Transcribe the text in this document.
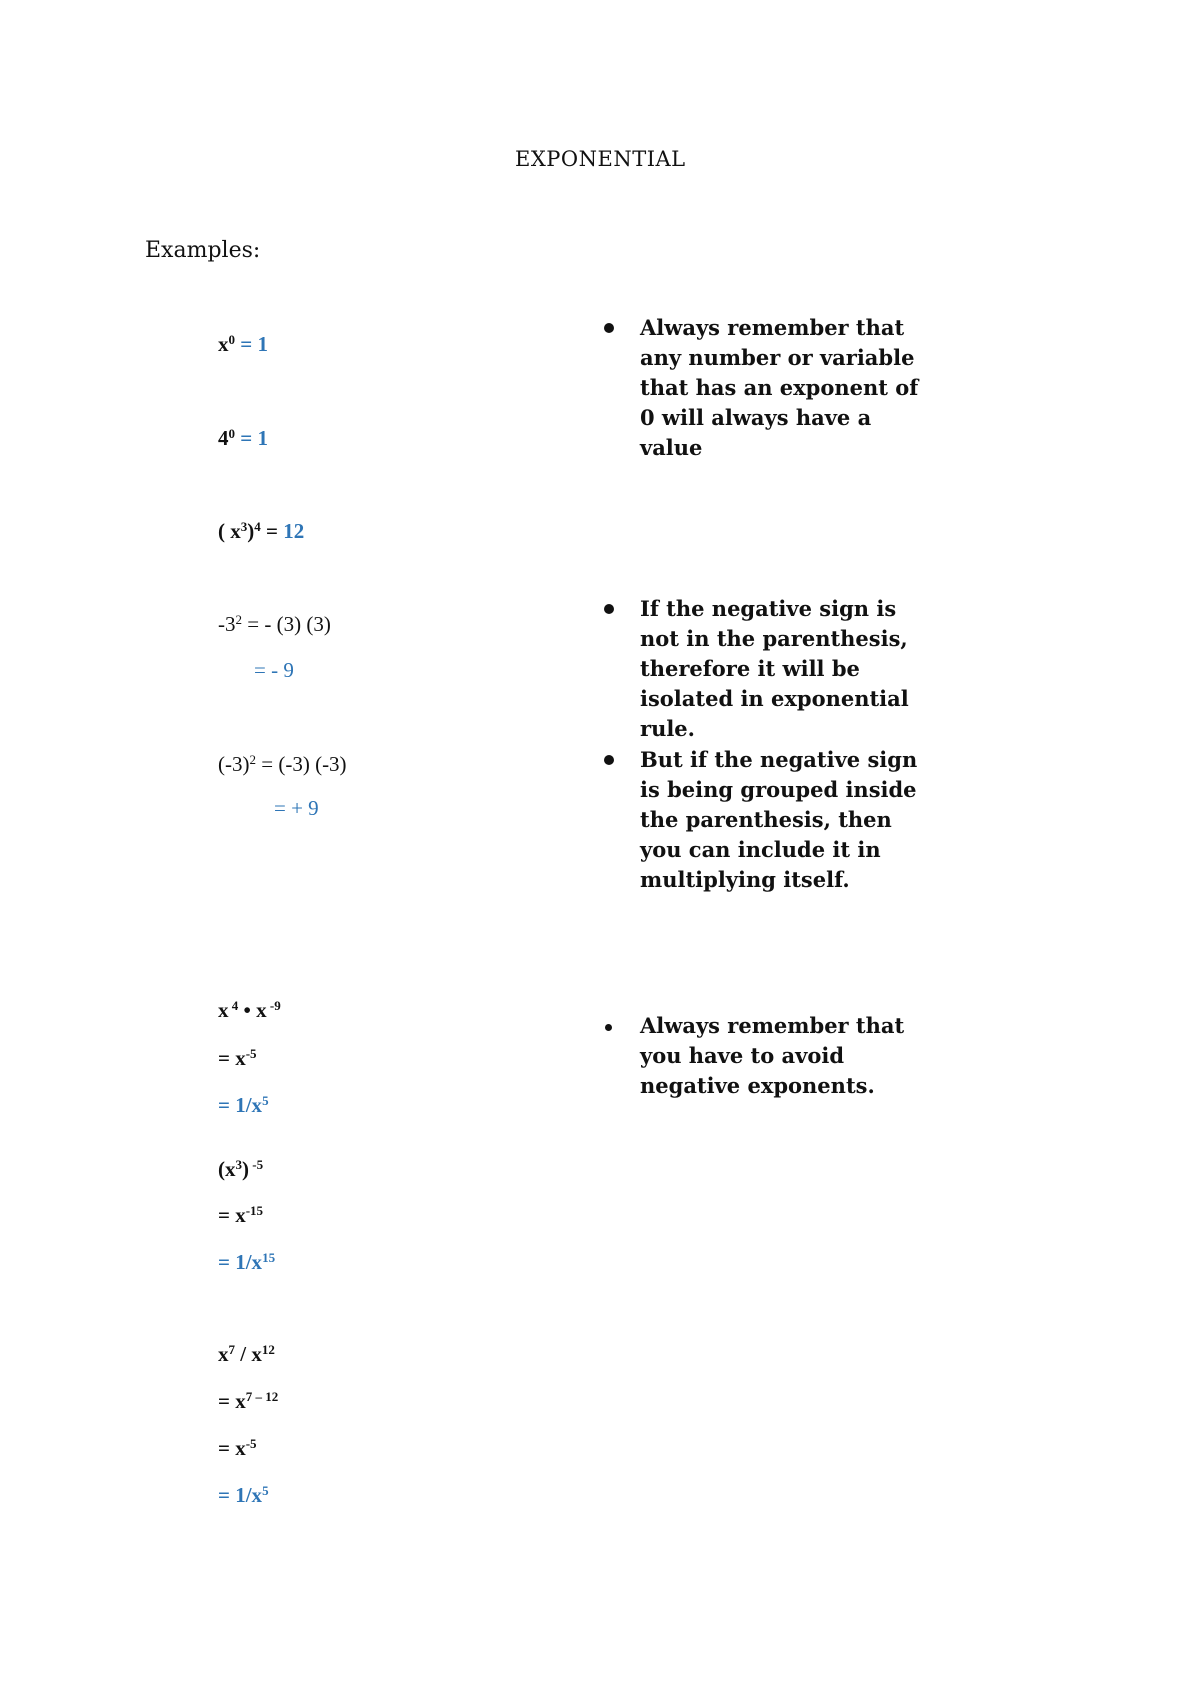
EXPONENTIAL
Examples:
$x^0 = 1$
$4^0 = 1$
( $x^3)^4 = 12$
$-3^2$ = - (3) (3)
= - 9
$(-3)^2 = (-3)$ (-3)
= + 9
x $^4$ • x $^{-9}$
= $x^{-5}$
= $1/x^5$
$(x^3)$ $^{-5}$
= $x^{-15}$
= $1/x^{15}$
$x^7 / x^{12}$
= $x^{7 - 12}$
= $x^{-5}$
= $1/x^5$
Always remember that any number or variable that has an exponent of 0 will always have a value
If the negative sign is not in the parenthesis, therefore it will be isolated in exponential rule.
But if the negative sign is being grouped inside the parenthesis, then you can include it in multiplying itself.
Always remember that you have to avoid negative exponents.
